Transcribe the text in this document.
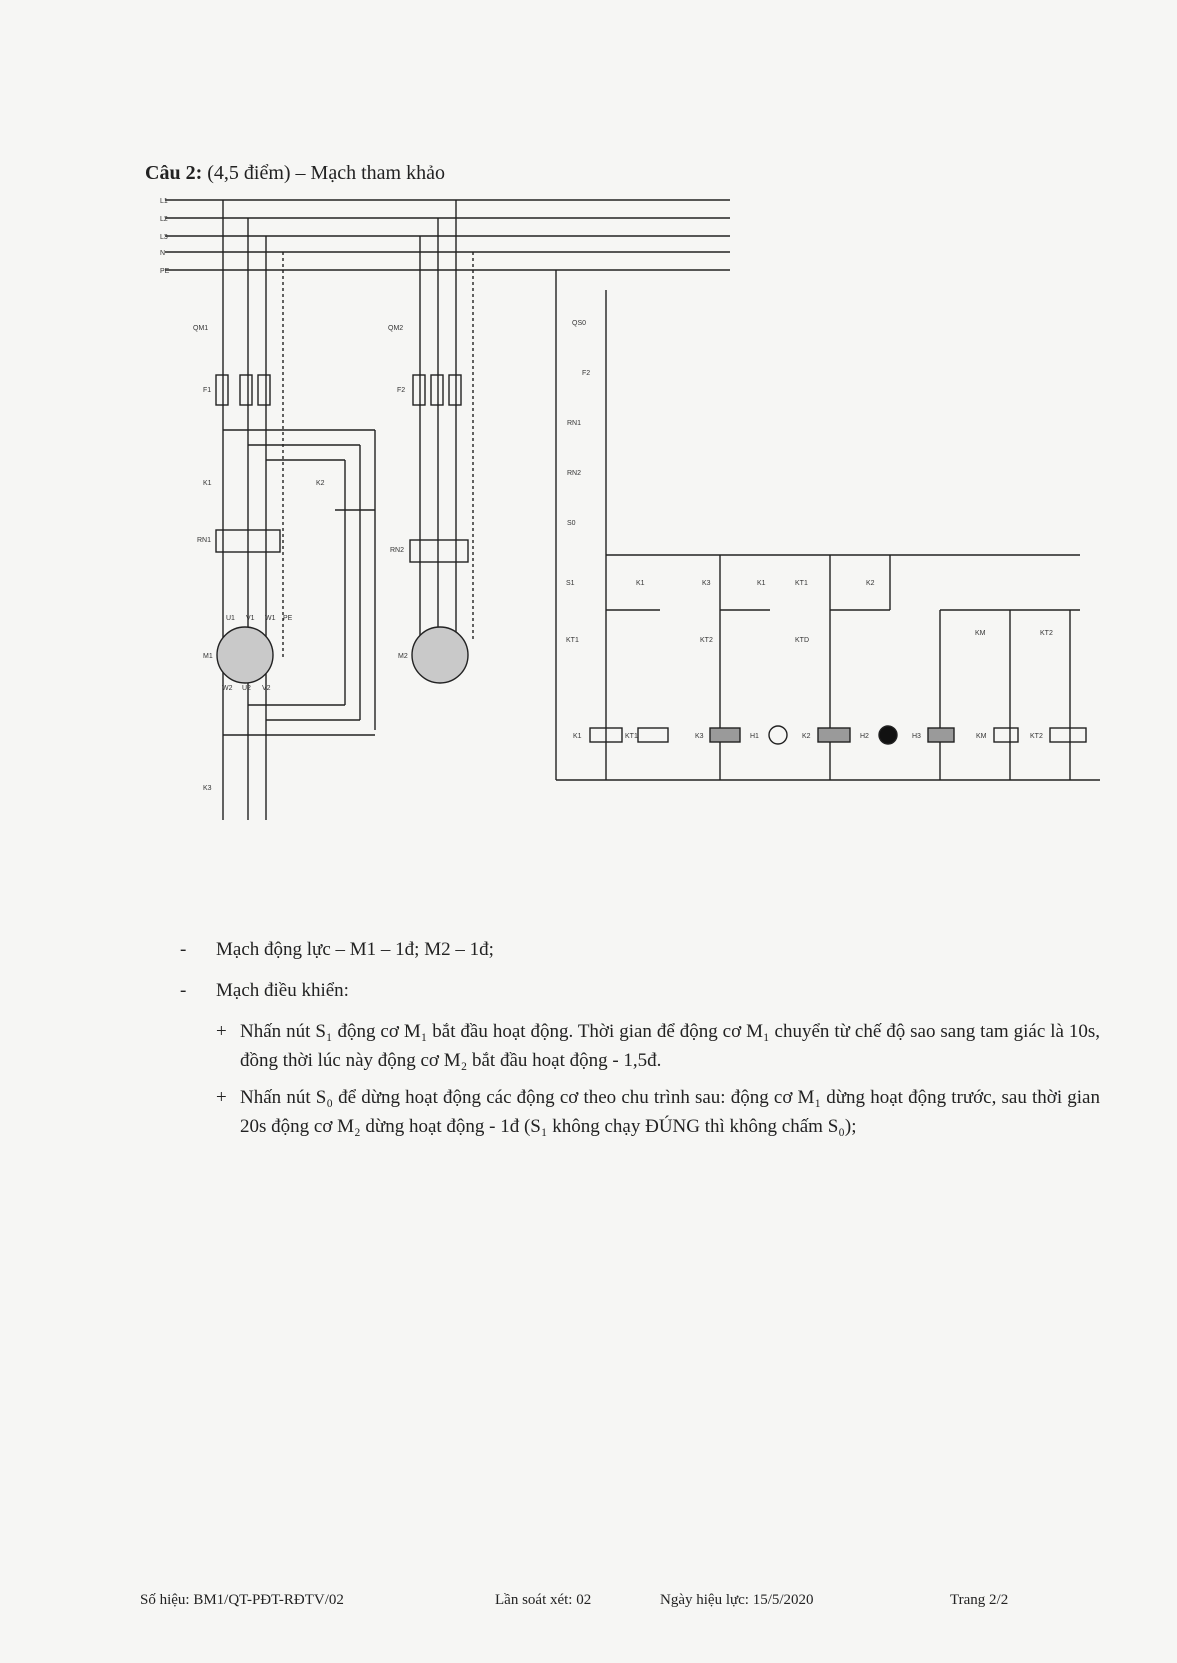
Câu 2: (4,5 điểm) – Mạch tham khảo
L1
L2
L3
N
PE
QM1	QM2
F1	F2
K1	K2
K3
RN1
RN2
M1	M2
U1 V1 W1 PE
W2 U2 V2
QS0
F2
RN1
RN2
S0
S1	K1	K3	K1	KT1	K2
KT1	KT2	KTD
KM	KT2
K1	KT1	K3	H1	K2	H2	H3	KM	KT2
- Mạch động lực – M1 – 1đ; M2 – 1đ;
- Mạch điều khiển:
+ Nhấn nút S₁ động cơ M₁ bắt đầu hoạt động. Thời gian để động cơ M₁ chuyển từ chế độ sao sang tam giác là 10s, đồng thời lúc này động cơ M₂ bắt đầu hoạt động - 1,5đ.
+ Nhấn nút S₀ để dừng hoạt động các động cơ theo chu trình sau: động cơ M₁ dừng hoạt động trước, sau thời gian 20s động cơ M₂ dừng hoạt động - 1đ (S₁ không chạy ĐÚNG thì không chấm S₀);
Số hiệu: BM1/QT-PĐT-RĐTV/02	Lần soát xét: 02	Ngày hiệu lực: 15/5/2020	Trang 2/2
